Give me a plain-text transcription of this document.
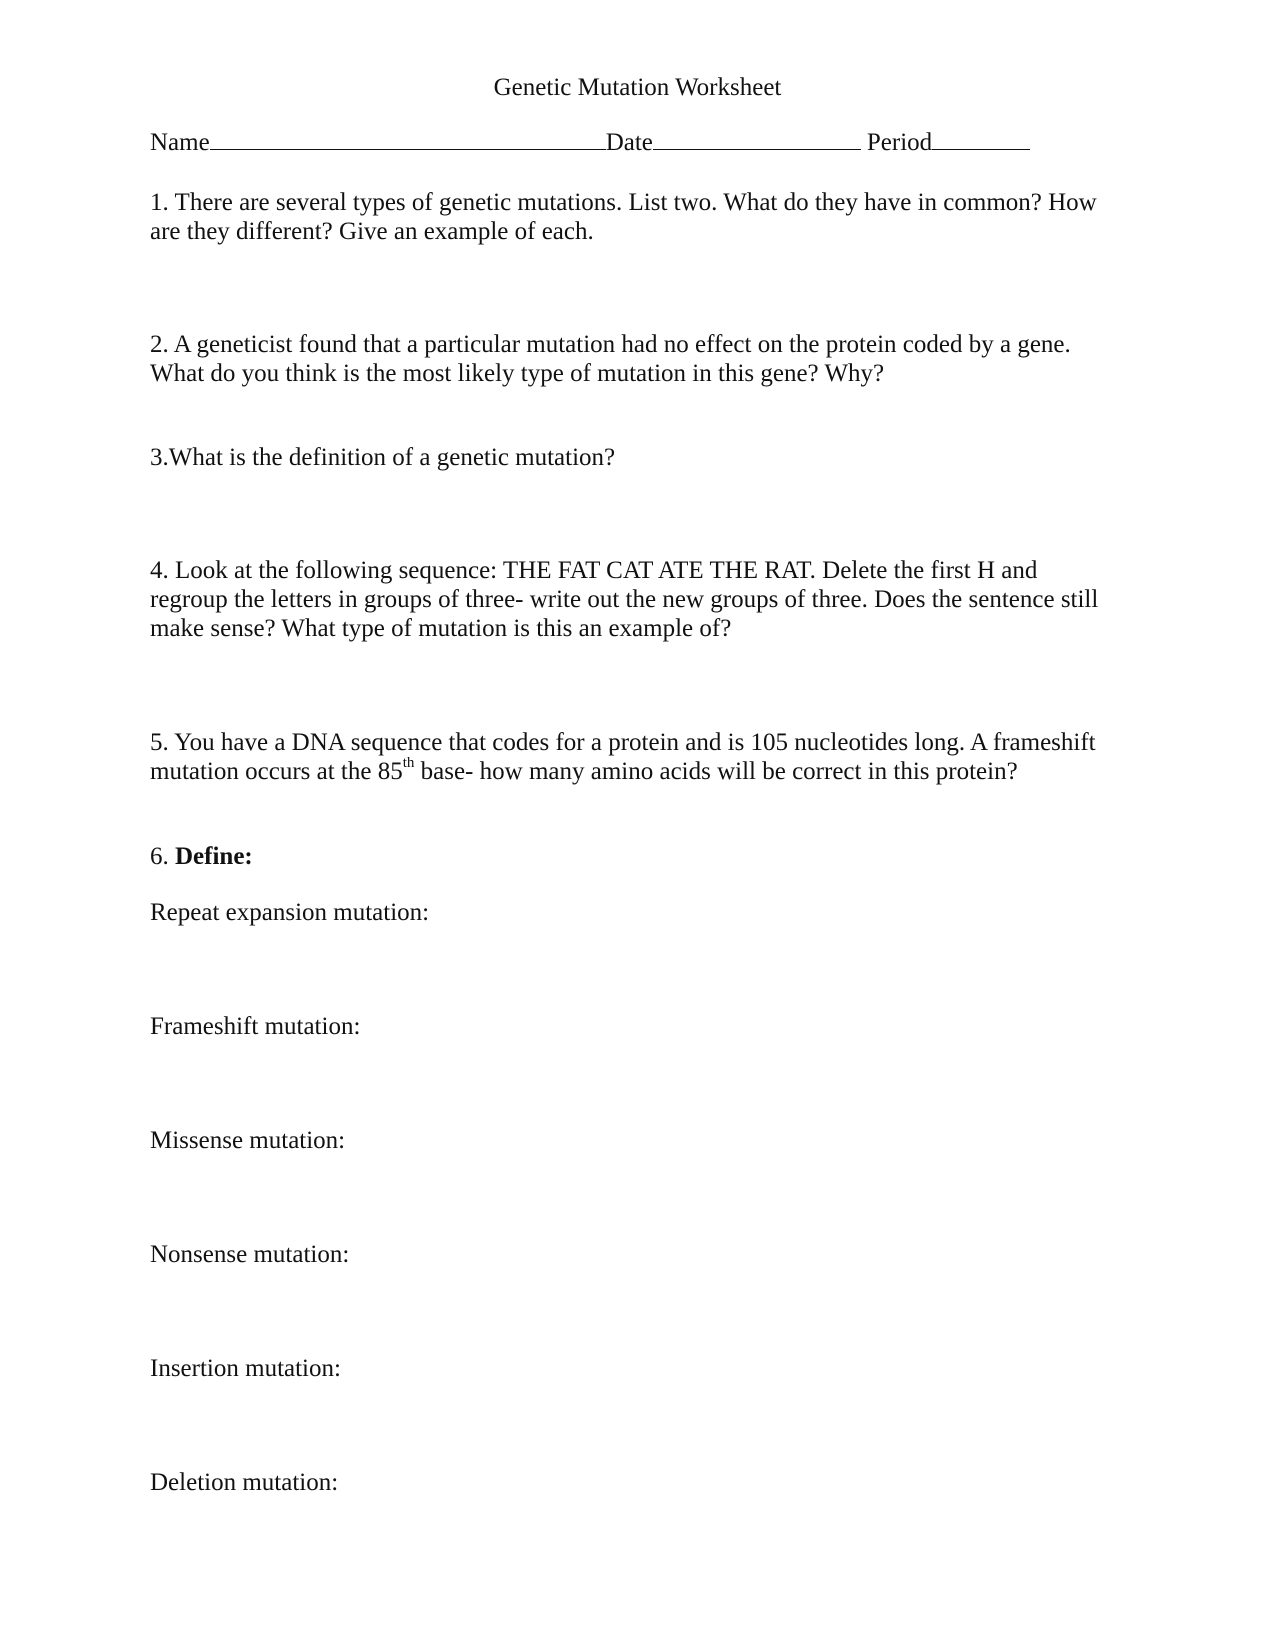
Genetic Mutation Worksheet

Name	Date	Period

1. There are several types of genetic mutations. List two. What do they have in common? How

are they different? Give an example of each.

2. A geneticist found that a particular mutation had no effect on the protein coded by a gene.

What do you think is the most likely type of mutation in this gene? Why?

3.What is the definition of a genetic mutation?

4. Look at the following sequence: THE FAT CAT ATE THE RAT. Delete the first H and

regroup the letters in groups of three- write out the new groups of three. Does the sentence still

make sense? What type of mutation is this an example of?

5. You have a DNA sequence that codes for a protein and is 105 nucleotides long. A frameshift

mutation occurs at the 85th base- how many amino acids will be correct in this protein?

6. Define:

Repeat expansion mutation:

Frameshift mutation:

Missense mutation:

Nonsense mutation:

Insertion mutation:

Deletion mutation:
